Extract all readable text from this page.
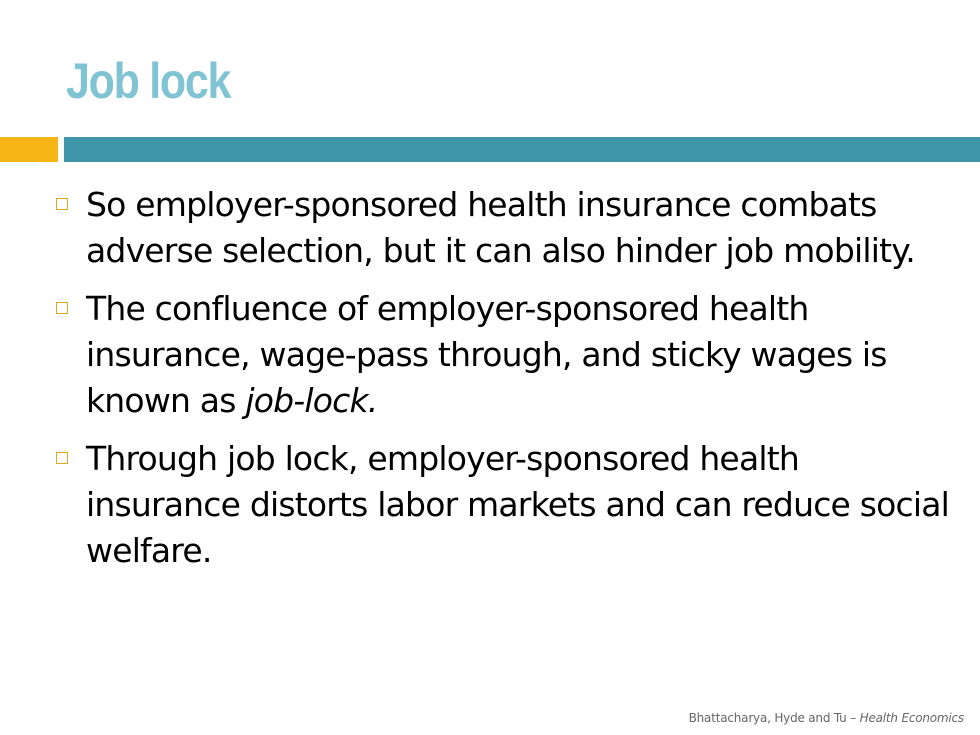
Job lock
So employer-sponsored health insurance combats adverse selection, but it can also hinder job mobility.
The confluence of employer-sponsored health insurance, wage-pass through, and sticky wages is known as job-lock.
Through job lock, employer-sponsored health insurance distorts labor markets and can reduce social welfare.
Bhattacharya, Hyde and Tu – Health Economics
